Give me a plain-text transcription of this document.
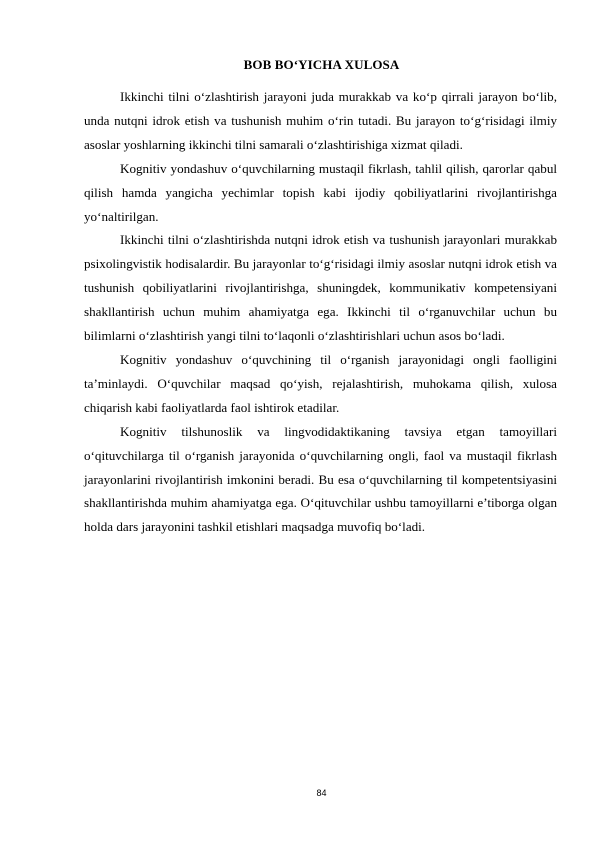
BOB BO‘YICHA XULOSA

Ikkinchi tilni o‘zlashtirish jarayoni juda murakkab va ko‘p qirrali jarayon bo‘lib, unda nutqni idrok etish va tushunish muhim o‘rin tutadi. Bu jarayon to‘g‘risidagi ilmiy asoslar yoshlarning ikkinchi tilni samarali o‘zlashtirishiga xizmat qiladi.

Kognitiv yondashuv o‘quvchilarning mustaqil fikrlash, tahlil qilish, qarorlar qabul qilish hamda yangicha yechimlar topish kabi ijodiy qobiliyatlarini rivojlantirishga yo‘naltirilgan.

Ikkinchi tilni o‘zlashtirishda nutqni idrok etish va tushunish jarayonlari murakkab psixolingvistik hodisalardir. Bu jarayonlar to‘g‘risidagi ilmiy asoslar nutqni idrok etish va tushunish qobiliyatlarini rivojlantirishga, shuningdek, kommunikativ kompetensiyani shakllantirish uchun muhim ahamiyatga ega. Ikkinchi til o‘rganuvchilar uchun bu bilimlarni o‘zlashtirish yangi tilni to‘laqonli o‘zlashtirishlari uchun asos bo‘ladi.

Kognitiv yondashuv o‘quvchining til o‘rganish jarayonidagi ongli faolligini ta’minlaydi. O‘quvchilar maqsad qo‘yish, rejalashtirish, muhokama qilish, xulosa chiqarish kabi faoliyatlarda faol ishtirok etadilar.

Kognitiv tilshunoslik va lingvodidaktikaning tavsiya etgan tamoyillari o‘qituvchilarga til o‘rganish jarayonida o‘quvchilarning ongli, faol va mustaqil fikrlash jarayonlarini rivojlantirish imkonini beradi. Bu esa o‘quvchilarning til kompetentsiyasini shakllantirishda muhim ahamiyatga ega. O‘qituvchilar ushbu tamoyillarni e’tiborga olgan holda dars jarayonini tashkil etishlari maqsadga muvofiq bo‘ladi.

84
